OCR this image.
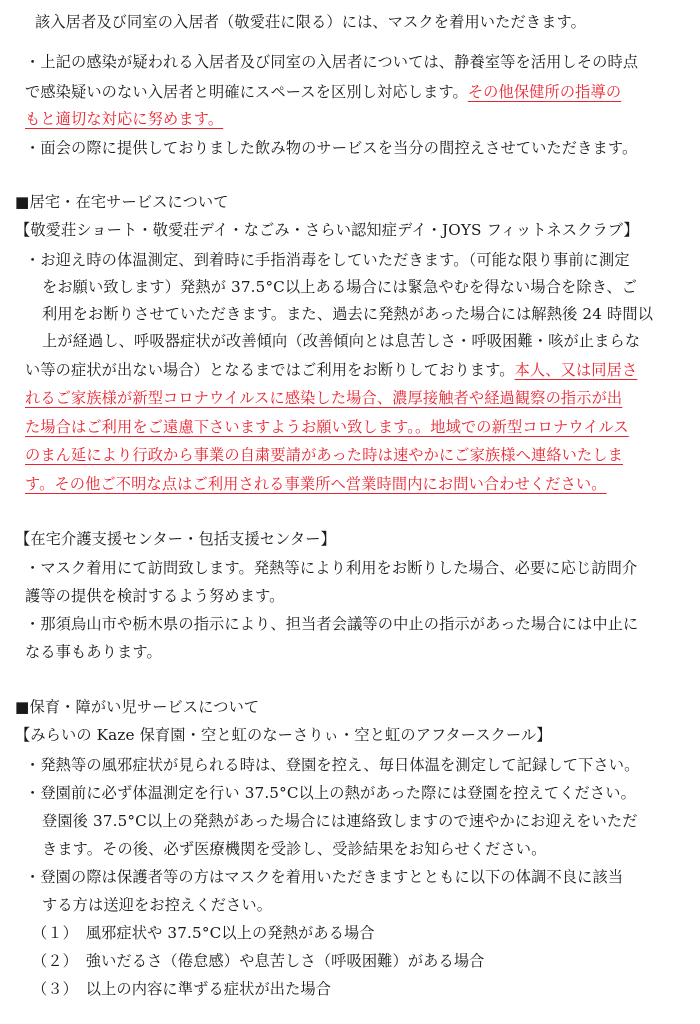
該入居者及び同室の入居者（敬愛荘に限る）には、マスクを着用いただきます。
・上記の感染が疑われる入居者及び同室の入居者については、静養室等を活用しその時点
で感染疑いのない入居者と明確にスペースを区別し対応します。その他保健所の指導の
もと適切な対応に努めます。
・面会の際に提供しておりました飲み物のサービスを当分の間控えさせていただきます。
■居宅・在宅サービスについて
【敬愛荘ショート・敬愛荘デイ・なごみ・さらい認知症デイ・JOYS フィットネスクラブ】
・お迎え時の体温測定、到着時に手指消毒をしていただきます。（可能な限り事前に測定
をお願い致します）発熱が 37.5°C以上ある場合には緊急やむを得ない場合を除き、ご
利用をお断りさせていただきます。また、過去に発熱があった場合には解熱後 24 時間以
上が経過し、呼吸器症状が改善傾向（改善傾向とは息苦しさ・呼吸困難・咳が止まらな
い等の症状が出ない場合）となるまではご利用をお断りしております。本人、又は同居さ
れるご家族様が新型コロナウイルスに感染した場合、濃厚接触者や経過観察の指示が出
た場合はご利用をご遠慮下さいますようお願い致します。。地域での新型コロナウイルス
のまん延により行政から事業の自粛要請があった時は速やかにご家族様へ連絡いたしま
す。その他ご不明な点はご利用される事業所へ営業時間内にお問い合わせください。
【在宅介護支援センター・包括支援センター】
・マスク着用にて訪問致します。発熱等により利用をお断りした場合、必要に応じ訪問介
護等の提供を検討するよう努めます。
・那須烏山市や栃木県の指示により、担当者会議等の中止の指示があった場合には中止に
なる事もあります。
■保育・障がい児サービスについて
【みらいの Kaze 保育園・空と虹のなーさりぃ・空と虹のアフタースクール】
・発熱等の風邪症状が見られる時は、登園を控え、毎日体温を測定して記録して下さい。
・登園前に必ず体温測定を行い 37.5°C以上の熱があった際には登園を控えてください。
登園後 37.5°C以上の発熱があった場合には連絡致しますので速やかにお迎えをいただ
きます。その後、必ず医療機関を受診し、受診結果をお知らせください。
・登園の際は保護者等の方はマスクを着用いただきますとともに以下の体調不良に該当
する方は送迎をお控えください。
（１）　風邪症状や 37.5°C以上の発熱がある場合
（２）　強いだるさ（倦怠感）や息苦しさ（呼吸困難）がある場合
（３）　以上の内容に準ずる症状が出た場合
